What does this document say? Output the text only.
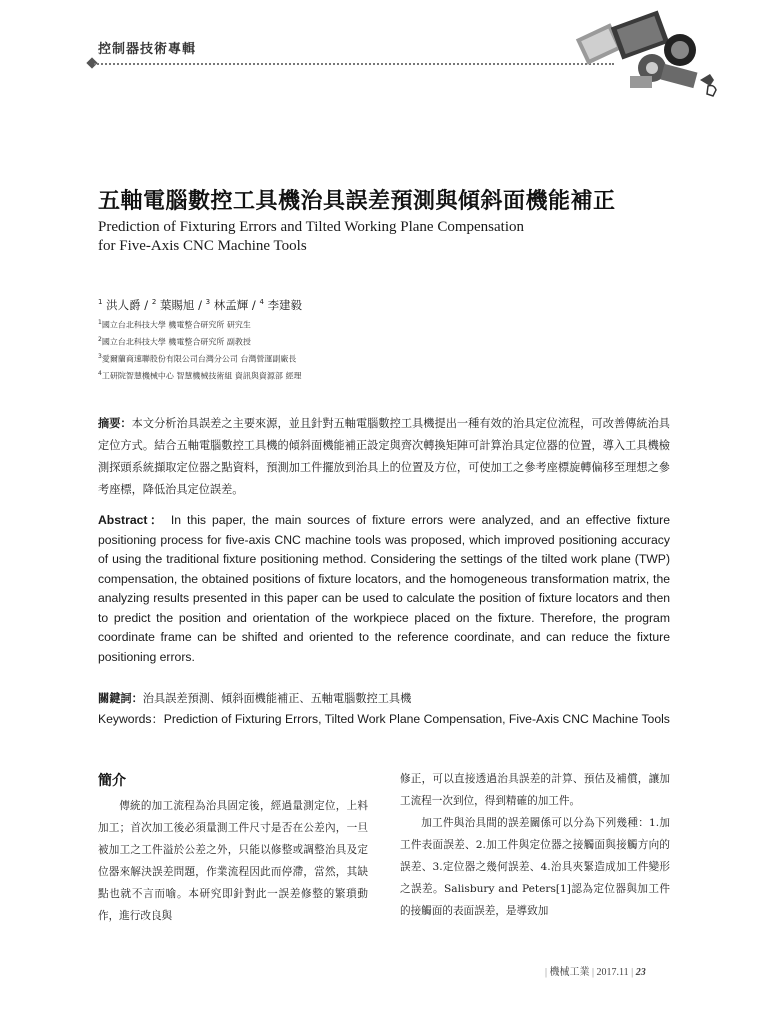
控制器技術專輯
五軸電腦數控工具機治具誤差預測與傾斜面機能補正
Prediction of Fixturing Errors and Tilted Working Plane Compensation
for Five-Axis CNC Machine Tools
$^1$ 洪人爵 / $^2$ 葉賜旭 / $^3$ 林孟輝 / $^4$ 李建毅
$^1$國立台北科技大學 機電整合研究所 研究生
$^2$國立台北科技大學 機電整合研究所 副教授
$^3$愛爾蘭商速聯股份有限公司台灣分公司 台灣營運副廠長
$^4$工研院智慧機械中心 智慧機械技術組 資訊與資源部 經理
摘要：本文分析治具誤差之主要來源，並且針對五軸電腦數控工具機提出一種有效的治具定位流程，可改善傳統治具定位方式。結合五軸電腦數控工具機的傾斜面機能補正設定與齊次轉換矩陣可計算治具定位器的位置，導入工具機檢測探頭系統擷取定位器之點資料，預測加工件擺放到治具上的位置及方位，可使加工之參考座標旋轉偏移至理想之參考座標，降低治具定位誤差。
Abstract： In this paper, the main sources of fixture errors were analyzed, and an effective fixture positioning process for five-axis CNC machine tools was proposed, which improved positioning accuracy of using the traditional fixture positioning method. Considering the settings of the tilted work plane (TWP) compensation, the obtained positions of fixture locators, and the homogeneous transformation matrix, the analyzing results presented in this paper can be used to calculate the position of fixture locators and then to predict the position and orientation of the workpiece placed on the fixture. Therefore, the program coordinate frame can be shifted and oriented to the reference coordinate, and can reduce the fixture positioning errors.
關鍵詞：治具誤差預測、傾斜面機能補正、五軸電腦數控工具機
Keywords：Prediction of Fixturing Errors, Tilted Work Plane Compensation, Five-Axis CNC Machine Tools
簡介

傳統的加工流程為治具固定後，經過量測定位，上料加工；首次加工後必須量測工件尺寸是否在公差內，一旦被加工之工件溢於公差之外，只能以修整或調整治具及定位器來解決誤差問題，作業流程因此而停滯，當然，其缺點也就不言而喻。本研究即針對此一誤差修整的繁瑣動作，進行改良與

修正，可以直接透過治具誤差的計算、預估及補償，讓加工流程一次到位，得到精確的加工件。

加工件與治具間的誤差關係可以分為下列幾種：1.加工件表面誤差、2.加工件與定位器之接觸面與接觸方向的誤差、3.定位器之幾何誤差、4.治具夾緊造成加工件變形之誤差。Salisbury and Peters[1]認為定位器與加工件的接觸面的表面誤差，是導致加

| 機械工業 | 2017.11 | 23
